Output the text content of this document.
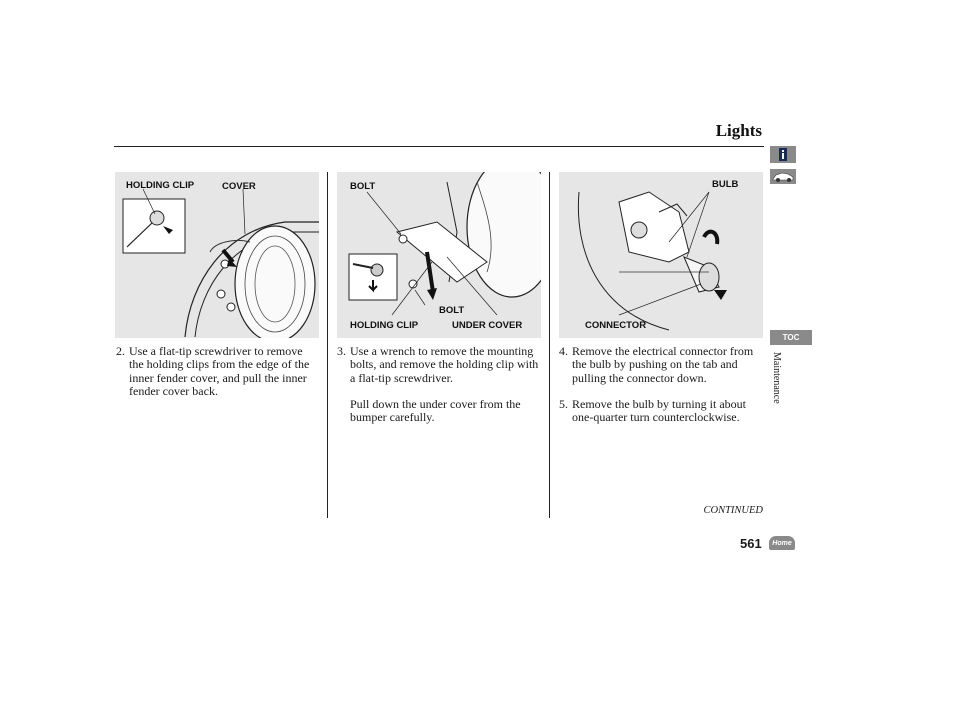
Lights
HOLDING CLIP	COVER	BOLT
BOLT
HOLDING CLIP	UNDER COVER
BULB
CONNECTOR
2. Use a flat-tip screwdriver to remove the holding clips from the edge of the inner fender cover, and pull the inner fender cover back.
3. Use a wrench to remove the mounting bolts, and remove the holding clip with a flat-tip screwdriver.
Pull down the under cover from the bumper carefully.
4. Remove the electrical connector from the bulb by pushing on the tab and pulling the connector down.
5. Remove the bulb by turning it about one-quarter turn counterclockwise.
CONTINUED
561
TOC
Maintenance
Home
